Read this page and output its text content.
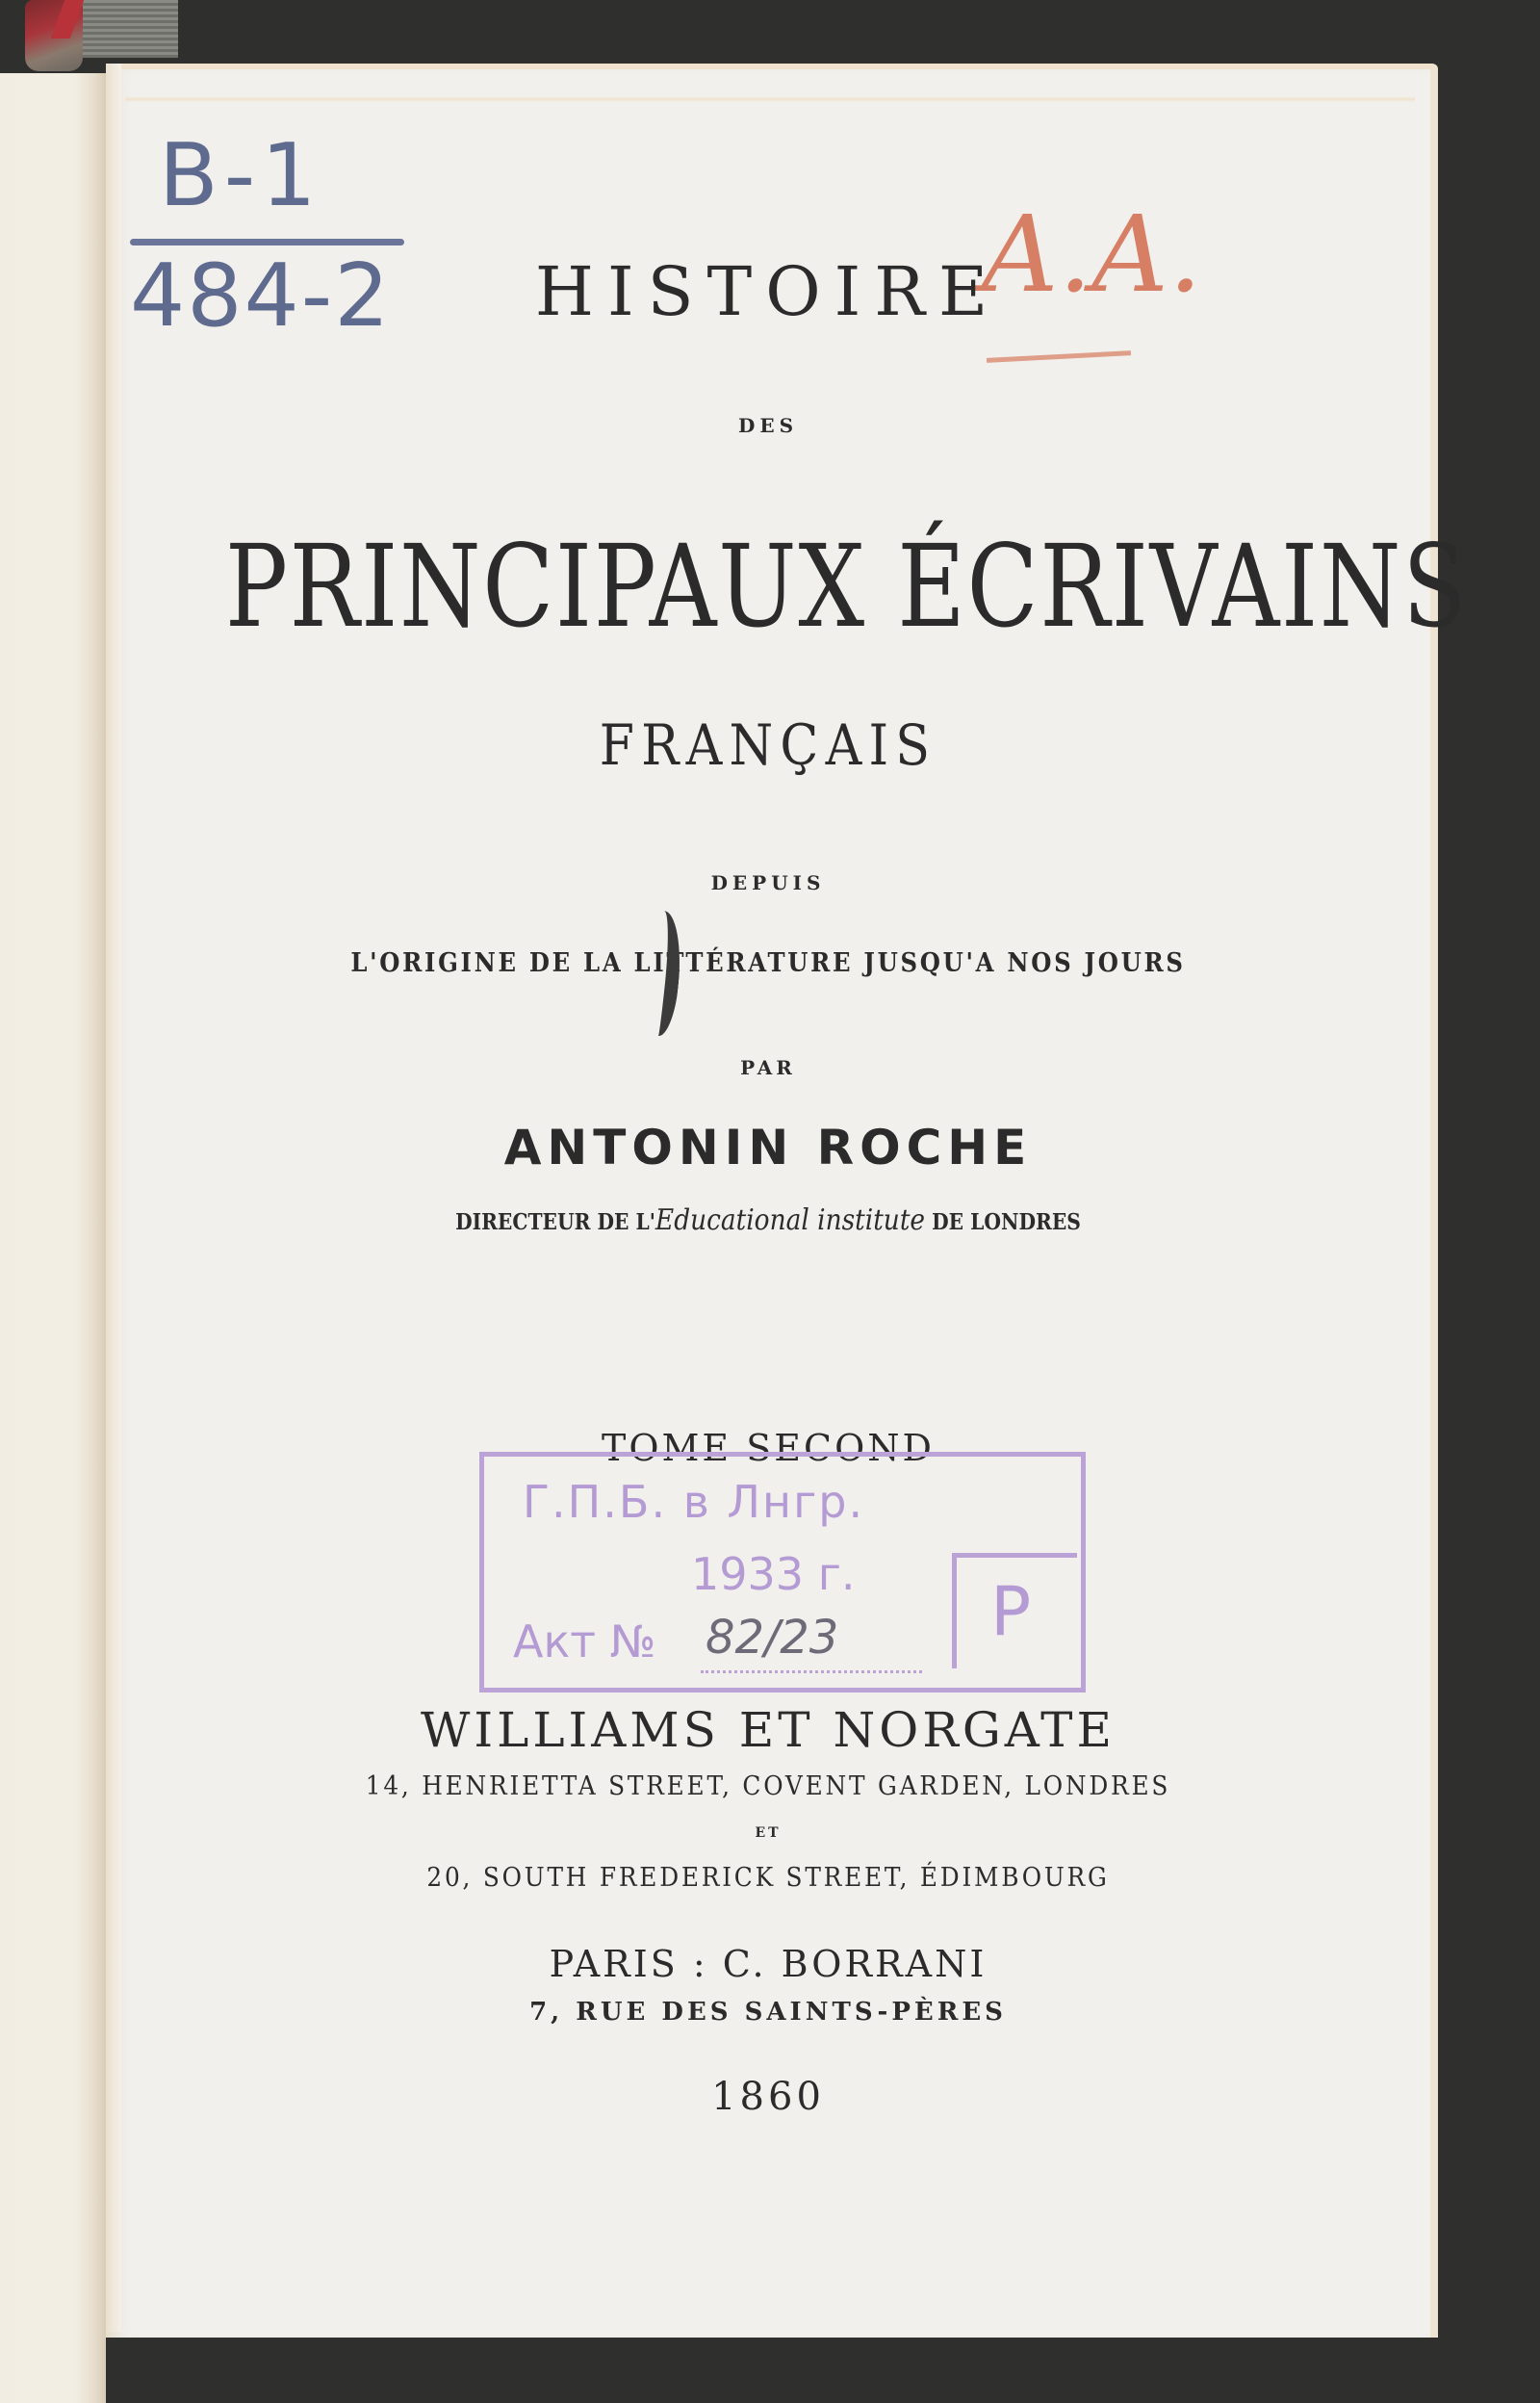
B-1
484-2	A.A.
HISTOIRE
DES
PRINCIPAUX ÉCRIVAINS
FRANÇAIS
DEPUIS
L'ORIGINE DE LA LITTÉRATURE JUSQU'A NOS JOURS
PAR
ANTONIN ROCHE
DIRECTEUR DE L'Educational institute DE LONDRES
TOME SECOND
Г.П.Б. в Лнгр.
1933 г.
Акт № 82/23 Р
WILLIAMS ET NORGATE
14, HENRIETTA STREET, COVENT GARDEN, LONDRES
ET
20, SOUTH FREDERICK STREET, ÉDIMBOURG
PARIS : C. BORRANI
7, RUE DES SAINTS-PÈRES
1860
